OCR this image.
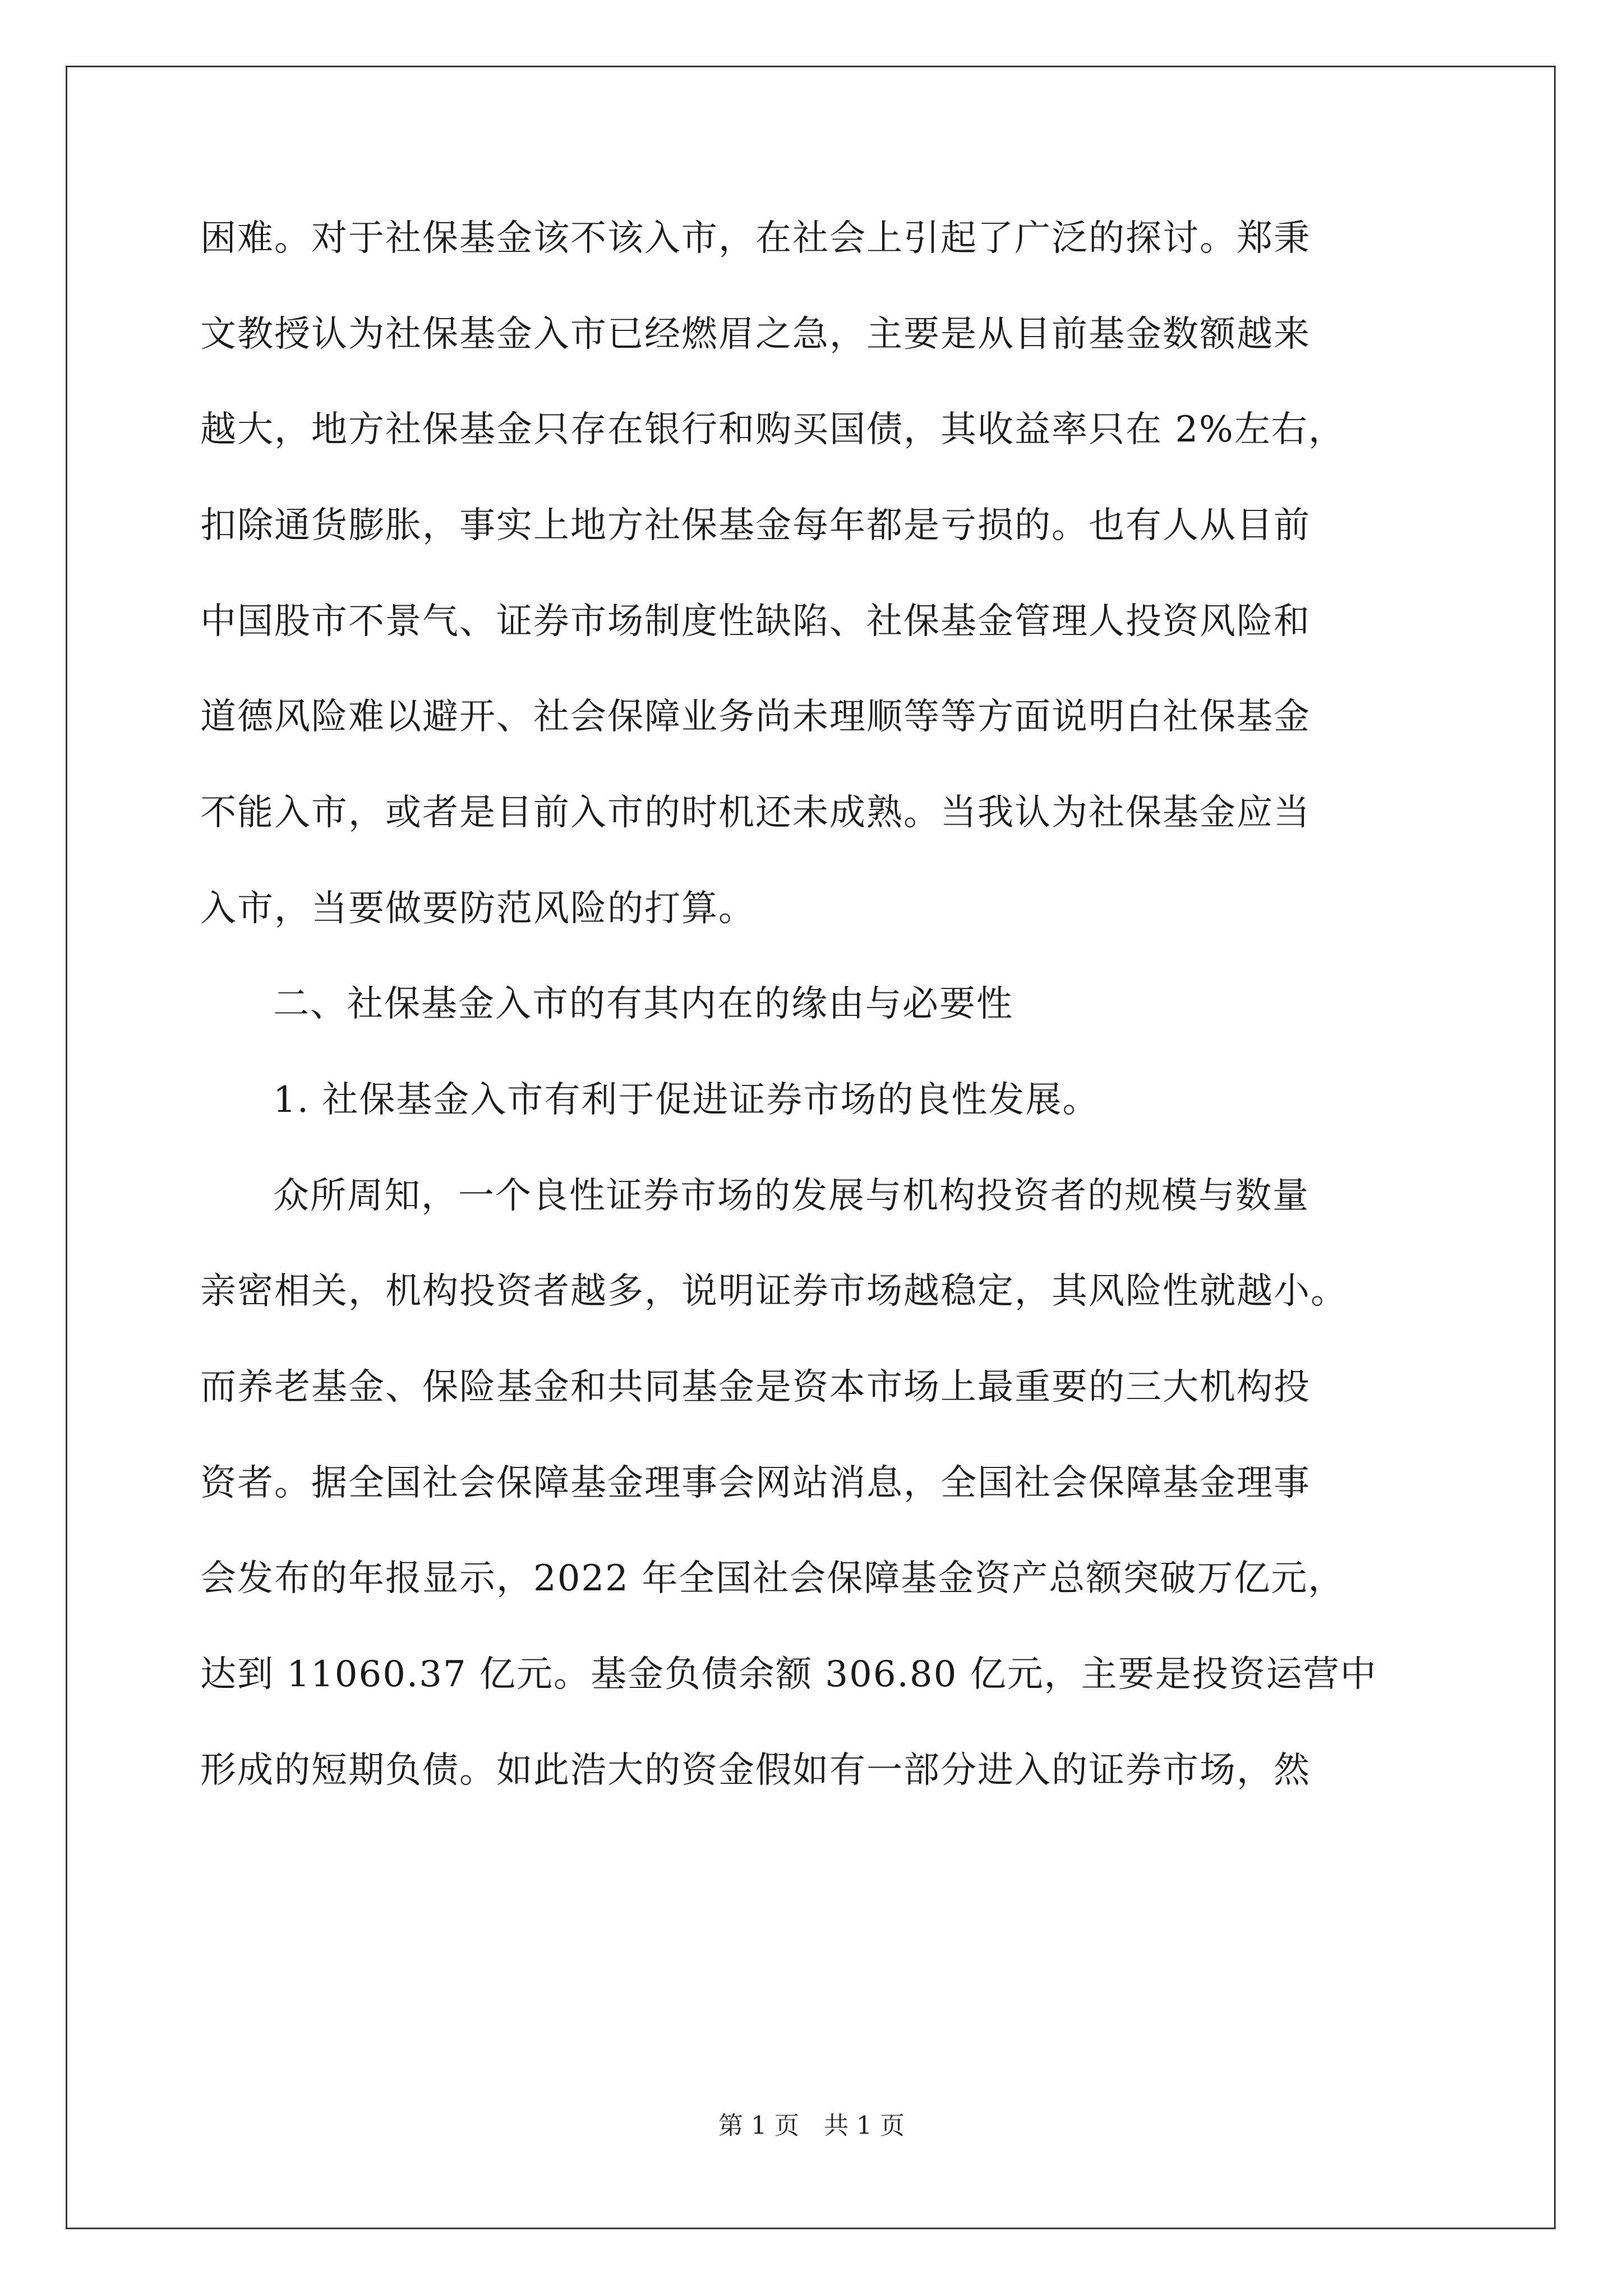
困难。对于社保基金该不该入市，在社会上引起了广泛的探讨。郑秉
文教授认为社保基金入市已经燃眉之急，主要是从目前基金数额越来
越大，地方社保基金只存在银行和购买国债，其收益率只在 2%左右，
扣除通货膨胀，事实上地方社保基金每年都是亏损的。也有人从目前
中国股市不景气、证券市场制度性缺陷、社保基金管理人投资风险和
道德风险难以避开、社会保障业务尚未理顺等等方面说明白社保基金
不能入市，或者是目前入市的时机还未成熟。当我认为社保基金应当
入市，当要做要防范风险的打算。
二、社保基金入市的有其内在的缘由与必要性
1. 社保基金入市有利于促进证券市场的良性发展。
众所周知，一个良性证券市场的发展与机构投资者的规模与数量
亲密相关，机构投资者越多，说明证券市场越稳定，其风险性就越小。
而养老基金、保险基金和共同基金是资本市场上最重要的三大机构投
资者。据全国社会保障基金理事会网站消息，全国社会保障基金理事
会发布的年报显示，2022 年全国社会保障基金资产总额突破万亿元，
达到 11060.37 亿元。基金负债余额 306.80 亿元，主要是投资运营中
形成的短期负债。如此浩大的资金假如有一部分进入的证券市场，然
第 1 页　共 1 页
